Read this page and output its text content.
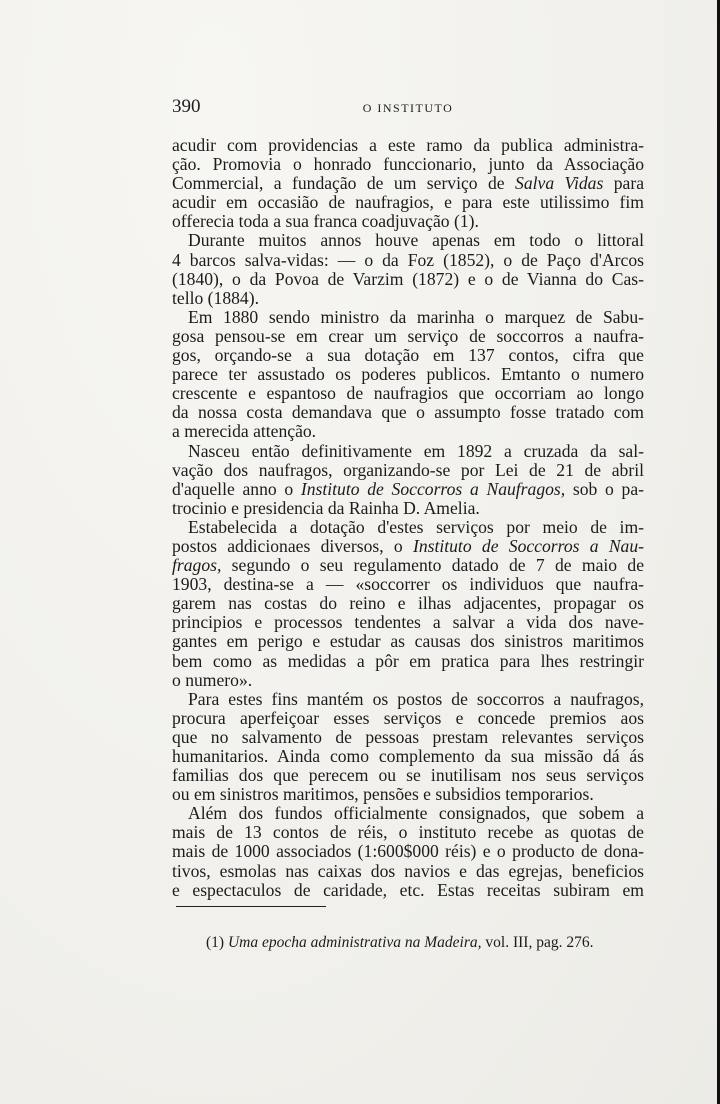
390	O INSTITUTO
acudir com providencias a este ramo da publica administra-
ção. Promovia o honrado funccionario, junto da Associação
Commercial, a fundação de um serviço de Salva Vidas para
acudir em occasião de naufragios, e para este utilissimo fim
offerecia toda a sua franca coadjuvação (1).
Durante muitos annos houve apenas em todo o littoral
4 barcos salva-vidas: — o da Foz (1852), o de Paço d'Arcos
(1840), o da Povoa de Varzim (1872) e o de Vianna do Cas-
tello (1884).
Em 1880 sendo ministro da marinha o marquez de Sabu-
gosa pensou-se em crear um serviço de soccorros a naufra-
gos, orçando-se a sua dotação em 137 contos, cifra que
parece ter assustado os poderes publicos. Emtanto o numero
crescente e espantoso de naufragios que occorriam ao longo
da nossa costa demandava que o assumpto fosse tratado com
a merecida attenção.
Nasceu então definitivamente em 1892 a cruzada da sal-
vação dos naufragos, organizando-se por Lei de 21 de abril
d'aquelle anno o Instituto de Soccorros a Naufragos, sob o pa-
trocinio e presidencia da Rainha D. Amelia.
Estabelecida a dotação d'estes serviços por meio de im-
postos addicionaes diversos, o Instituto de Soccorros a Nau-
fragos, segundo o seu regulamento datado de 7 de maio de
1903, destina-se a — «soccorrer os individuos que naufra-
garem nas costas do reino e ilhas adjacentes, propagar os
principios e processos tendentes a salvar a vida dos nave-
gantes em perigo e estudar as causas dos sinistros maritimos
bem como as medidas a pôr em pratica para lhes restringir
o numero».
Para estes fins mantém os postos de soccorros a naufragos,
procura aperfeiçoar esses serviços e concede premios aos
que no salvamento de pessoas prestam relevantes serviços
humanitarios. Ainda como complemento da sua missão dá ás
familias dos que perecem ou se inutilisam nos seus serviços
ou em sinistros maritimos, pensões e subsidios temporarios.
Além dos fundos officialmente consignados, que sobem a
mais de 13 contos de réis, o instituto recebe as quotas de
mais de 1000 associados (1:600$000 réis) e o producto de dona-
tivos, esmolas nas caixas dos navios e das egrejas, beneficios
e espectaculos de caridade, etc. Estas receitas subiram em
(1) Uma epocha administrativa na Madeira, vol. III, pag. 276.
